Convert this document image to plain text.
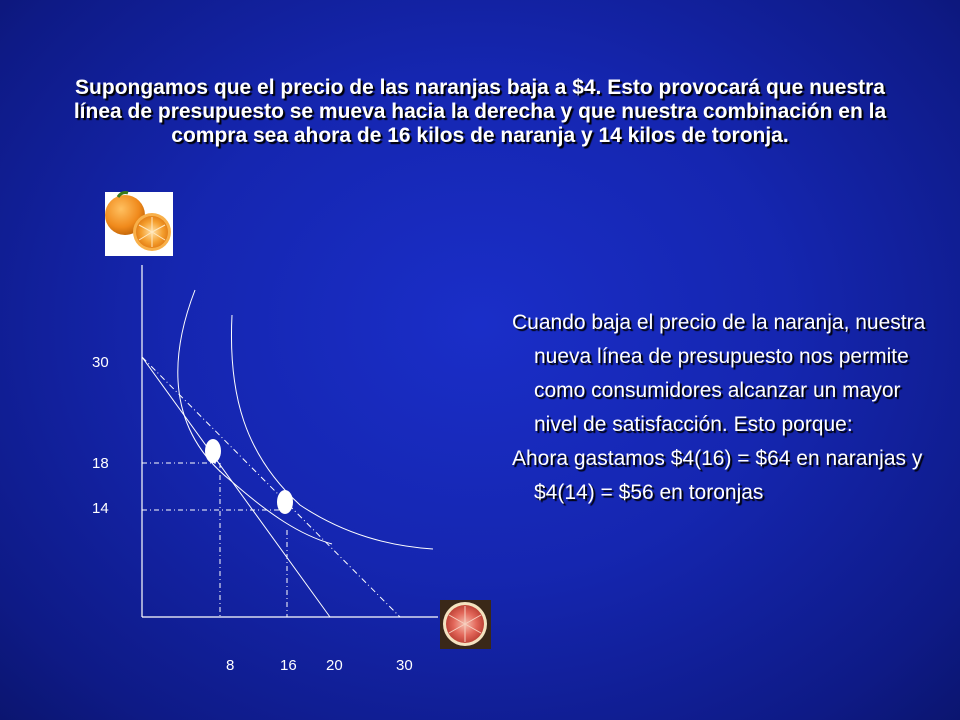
Supongamos que el precio de las naranjas baja a $4. Esto provocará que nuestra línea de presupuesto se mueva hacia la derecha y que nuestra combinación en la compra sea ahora de 16 kilos de naranja y 14 kilos de toronja.
30
18
14
8	16 20	30

Cuando baja el precio de la naranja, nuestra nueva línea de presupuesto nos permite como consumidores alcanzar un mayor nivel de satisfacción. Esto porque:

Ahora gastamos $4(16) = $64 en naranjas y $4(14) = $56 en toronjas
